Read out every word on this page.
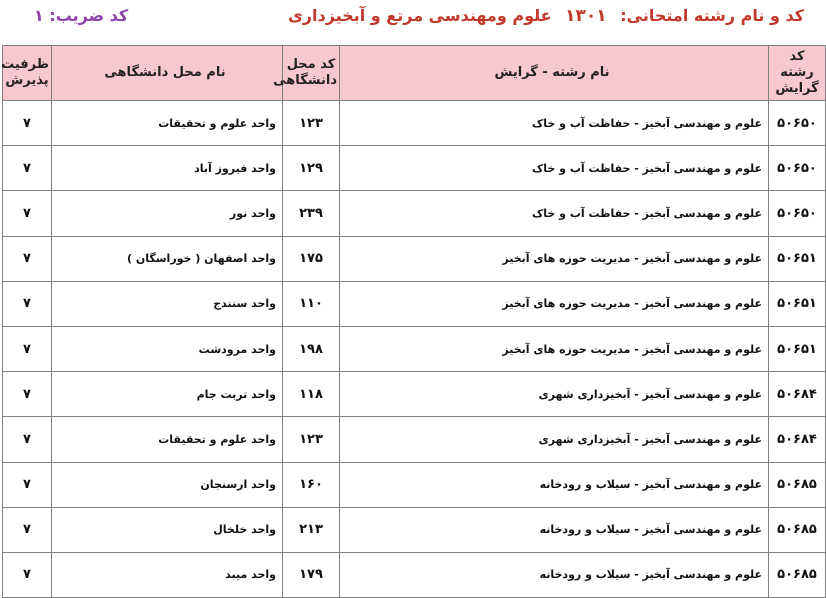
کد و نام رشته امتحانی: ۱۳۰۱ علوم ومهندسی مرتع و آبخیزداری
کد ضریب: ۱
کد رشته گرایش	نام رشته - گرایش	کد محل دانشگاهی	نام محل دانشگاهی	ظرفیت پذیرش
۵۰۶۵۰	علوم و مهندسی آبخیز - حفاظت آب و خاک	۱۲۳	واحد علوم و تحقیقات	۷
۵۰۶۵۰	علوم و مهندسی آبخیز - حفاظت آب و خاک	۱۲۹	واحد فیروز آباد	۷
۵۰۶۵۰	علوم و مهندسی آبخیز - حفاظت آب و خاک	۲۳۹	واحد نور	۷
۵۰۶۵۱	علوم و مهندسی آبخیز - مدیریت حوزه های آبخیز	۱۷۵	واحد اصفهان ( خوراسگان )	۷
۵۰۶۵۱	علوم و مهندسی آبخیز - مدیریت حوزه های آبخیز	۱۱۰	واحد سنندج	۷
۵۰۶۵۱	علوم و مهندسی آبخیز - مدیریت حوزه های آبخیز	۱۹۸	واحد مرودشت	۷
۵۰۶۸۴	علوم و مهندسی آبخیز - آبخیزداری شهری	۱۱۸	واحد تربت جام	۷
۵۰۶۸۴	علوم و مهندسی آبخیز - آبخیزداری شهری	۱۲۳	واحد علوم و تحقیقات	۷
۵۰۶۸۵	علوم و مهندسی آبخیز - سیلاب و رودخانه	۱۶۰	واحد ارسنجان	۷
۵۰۶۸۵	علوم و مهندسی آبخیز - سیلاب و رودخانه	۲۱۳	واحد خلخال	۷
۵۰۶۸۵	علوم و مهندسی آبخیز - سیلاب و رودخانه	۱۷۹	واحد میبد	۷
